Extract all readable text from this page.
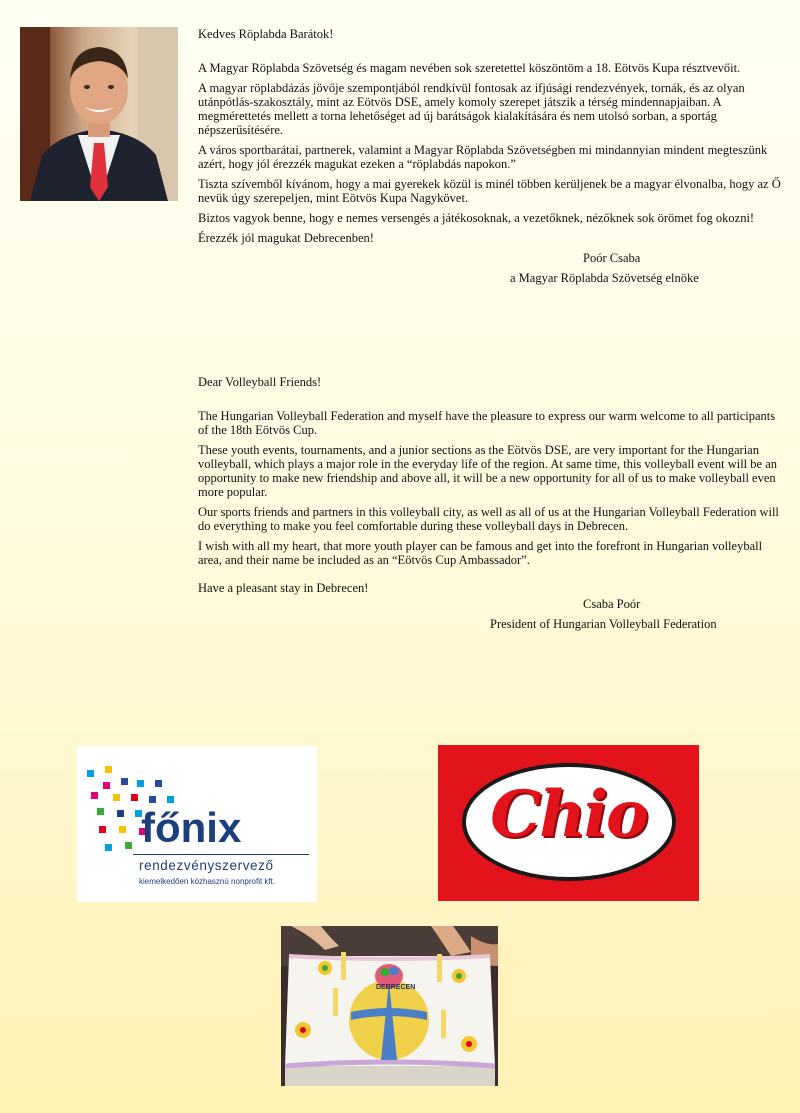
Kedves Röplabda Barátok!

A Magyar Röplabda Szövetség és magam nevében sok szeretettel köszöntöm a 18. Eötvös Kupa résztvevőit.

A magyar röplabdázás jövője szempontjából rendkívül fontosak az ifjúsági rendezvények, tornák, és az olyan utánpótlás-szakosztály, mint az Eötvös DSE, amely komoly szerepet játszik a térség mindennapjaiban. A megmérettetés mellett a torna lehetőséget ad új barátságok kialakítására és nem utolsó sorban, a sportág népszerűsítésére.

A város sportbarátai, partnerek, valamint a Magyar Röplabda Szövetségben mi mindannyian mindent megteszünk azért, hogy jól érezzék magukat ezeken a “röplabdás napokon.”

Tiszta szívemből kívánom, hogy a mai gyerekek közül is minél többen kerüljenek be a magyar élvonalba, hogy az Ő nevük úgy szerepeljen, mint Eötvös Kupa Nagykövet.

Biztos vagyok benne, hogy e nemes versengés a játékosoknak, a vezetőknek, nézőknek sok örömet fog okozni!

Érezzék jól magukat Debrecenben!

Poór Csaba

a Magyar Röplabda Szövetség elnöke

Dear Volleyball Friends!

The Hungarian Volleyball Federation and myself have the pleasure to express our warm welcome to all participants of the 18th Eötvös Cup.

These youth events, tournaments, and a junior sections as the Eötvös DSE, are very important for the Hungarian volleyball, which plays a major role in the everyday life of the region. At same time, this volleyball event will be an opportunity to make new friendship and above all, it will be a new opportunity for all of us to make volleyball even more popular.

Our sports friends and partners in this volleyball city, as well as all of us at the Hungarian Volleyball Federation will do everything to make you feel comfortable during these volleyball days in Debrecen.

I wish with all my heart, that more youth player can be famous and get into the forefront in Hungarian volleyball area, and their name be included as an “Eötvös Cup Ambassador”.

Have a pleasant stay in Debrecen!

Csaba Poór

President of Hungarian Volleyball Federation

főnix
rendezvényszervező
kiemelkedően közhasznú nonprofit kft.
Chio
DEBRECEN
